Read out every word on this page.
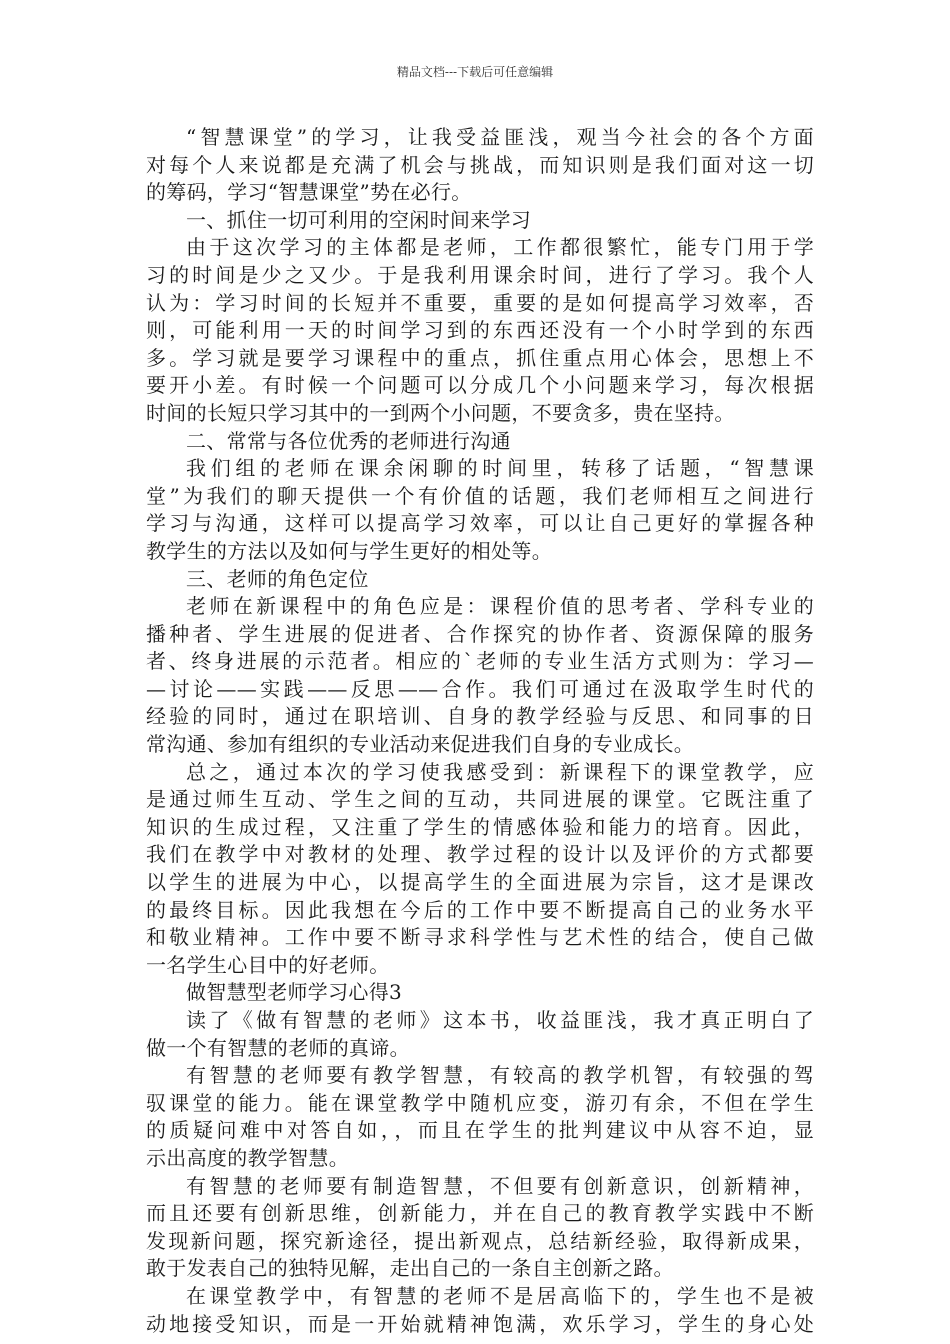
精品文档---下载后可任意编辑
“智慧课堂”的学习，让我受益匪浅，观当今社会的各个方面
对每个人来说都是充满了机会与挑战，而知识则是我们面对这一切
的筹码，学习“智慧课堂”势在必行。
一、抓住一切可利用的空闲时间来学习
由于这次学习的主体都是老师，工作都很繁忙，能专门用于学
习的时间是少之又少。于是我利用课余时间，进行了学习。我个人
认为：学习时间的长短并不重要，重要的是如何提高学习效率，否
则，可能利用一天的时间学习到的东西还没有一个小时学到的东西
多。学习就是要学习课程中的重点，抓住重点用心体会，思想上不
要开小差。有时候一个问题可以分成几个小问题来学习，每次根据
时间的长短只学习其中的一到两个小问题，不要贪多，贵在坚持。
二、常常与各位优秀的老师进行沟通
我们组的老师在课余闲聊的时间里，转移了话题，“智慧课
堂”为我们的聊天提供一个有价值的话题，我们老师相互之间进行
学习与沟通，这样可以提高学习效率，可以让自己更好的掌握各种
教学生的方法以及如何与学生更好的相处等。
三、老师的角色定位
老师在新课程中的角色应是：课程价值的思考者、学科专业的
播种者、学生进展的促进者、合作探究的协作者、资源保障的服务
者、终身进展的示范者。相应的`老师的专业生活方式则为：学习—
—讨论——实践——反思——合作。我们可通过在汲取学生时代的
经验的同时，通过在职培训、自身的教学经验与反思、和同事的日
常沟通、参加有组织的专业活动来促进我们自身的专业成长。
总之，通过本次的学习使我感受到：新课程下的课堂教学，应
是通过师生互动、学生之间的互动，共同进展的课堂。它既注重了
知识的生成过程，又注重了学生的情感体验和能力的培育。因此，
我们在教学中对教材的处理、教学过程的设计以及评价的方式都要
以学生的进展为中心，以提高学生的全面进展为宗旨，这才是课改
的最终目标。因此我想在今后的工作中要不断提高自己的业务水平
和敬业精神。工作中要不断寻求科学性与艺术性的结合，使自己做
一名学生心目中的好老师。
做智慧型老师学习心得3
读了《做有智慧的老师》这本书，收益匪浅，我才真正明白了
做一个有智慧的老师的真谛。
有智慧的老师要有教学智慧，有较高的教学机智，有较强的驾
驭课堂的能力。能在课堂教学中随机应变，游刃有余，不但在学生
的质疑问难中对答自如，，而且在学生的批判建议中从容不迫，显
示出高度的教学智慧。
有智慧的老师要有制造智慧，不但要有创新意识，创新精神，
而且还要有创新思维，创新能力，并在自己的教育教学实践中不断
发现新问题，探究新途径，提出新观点，总结新经验，取得新成果，
敢于发表自己的独特见解，走出自己的一条自主创新之路。
在课堂教学中，有智慧的老师不是居高临下的，学生也不是被
动地接受知识，而是一开始就精神饱满，欢乐学习，学生的身心处
